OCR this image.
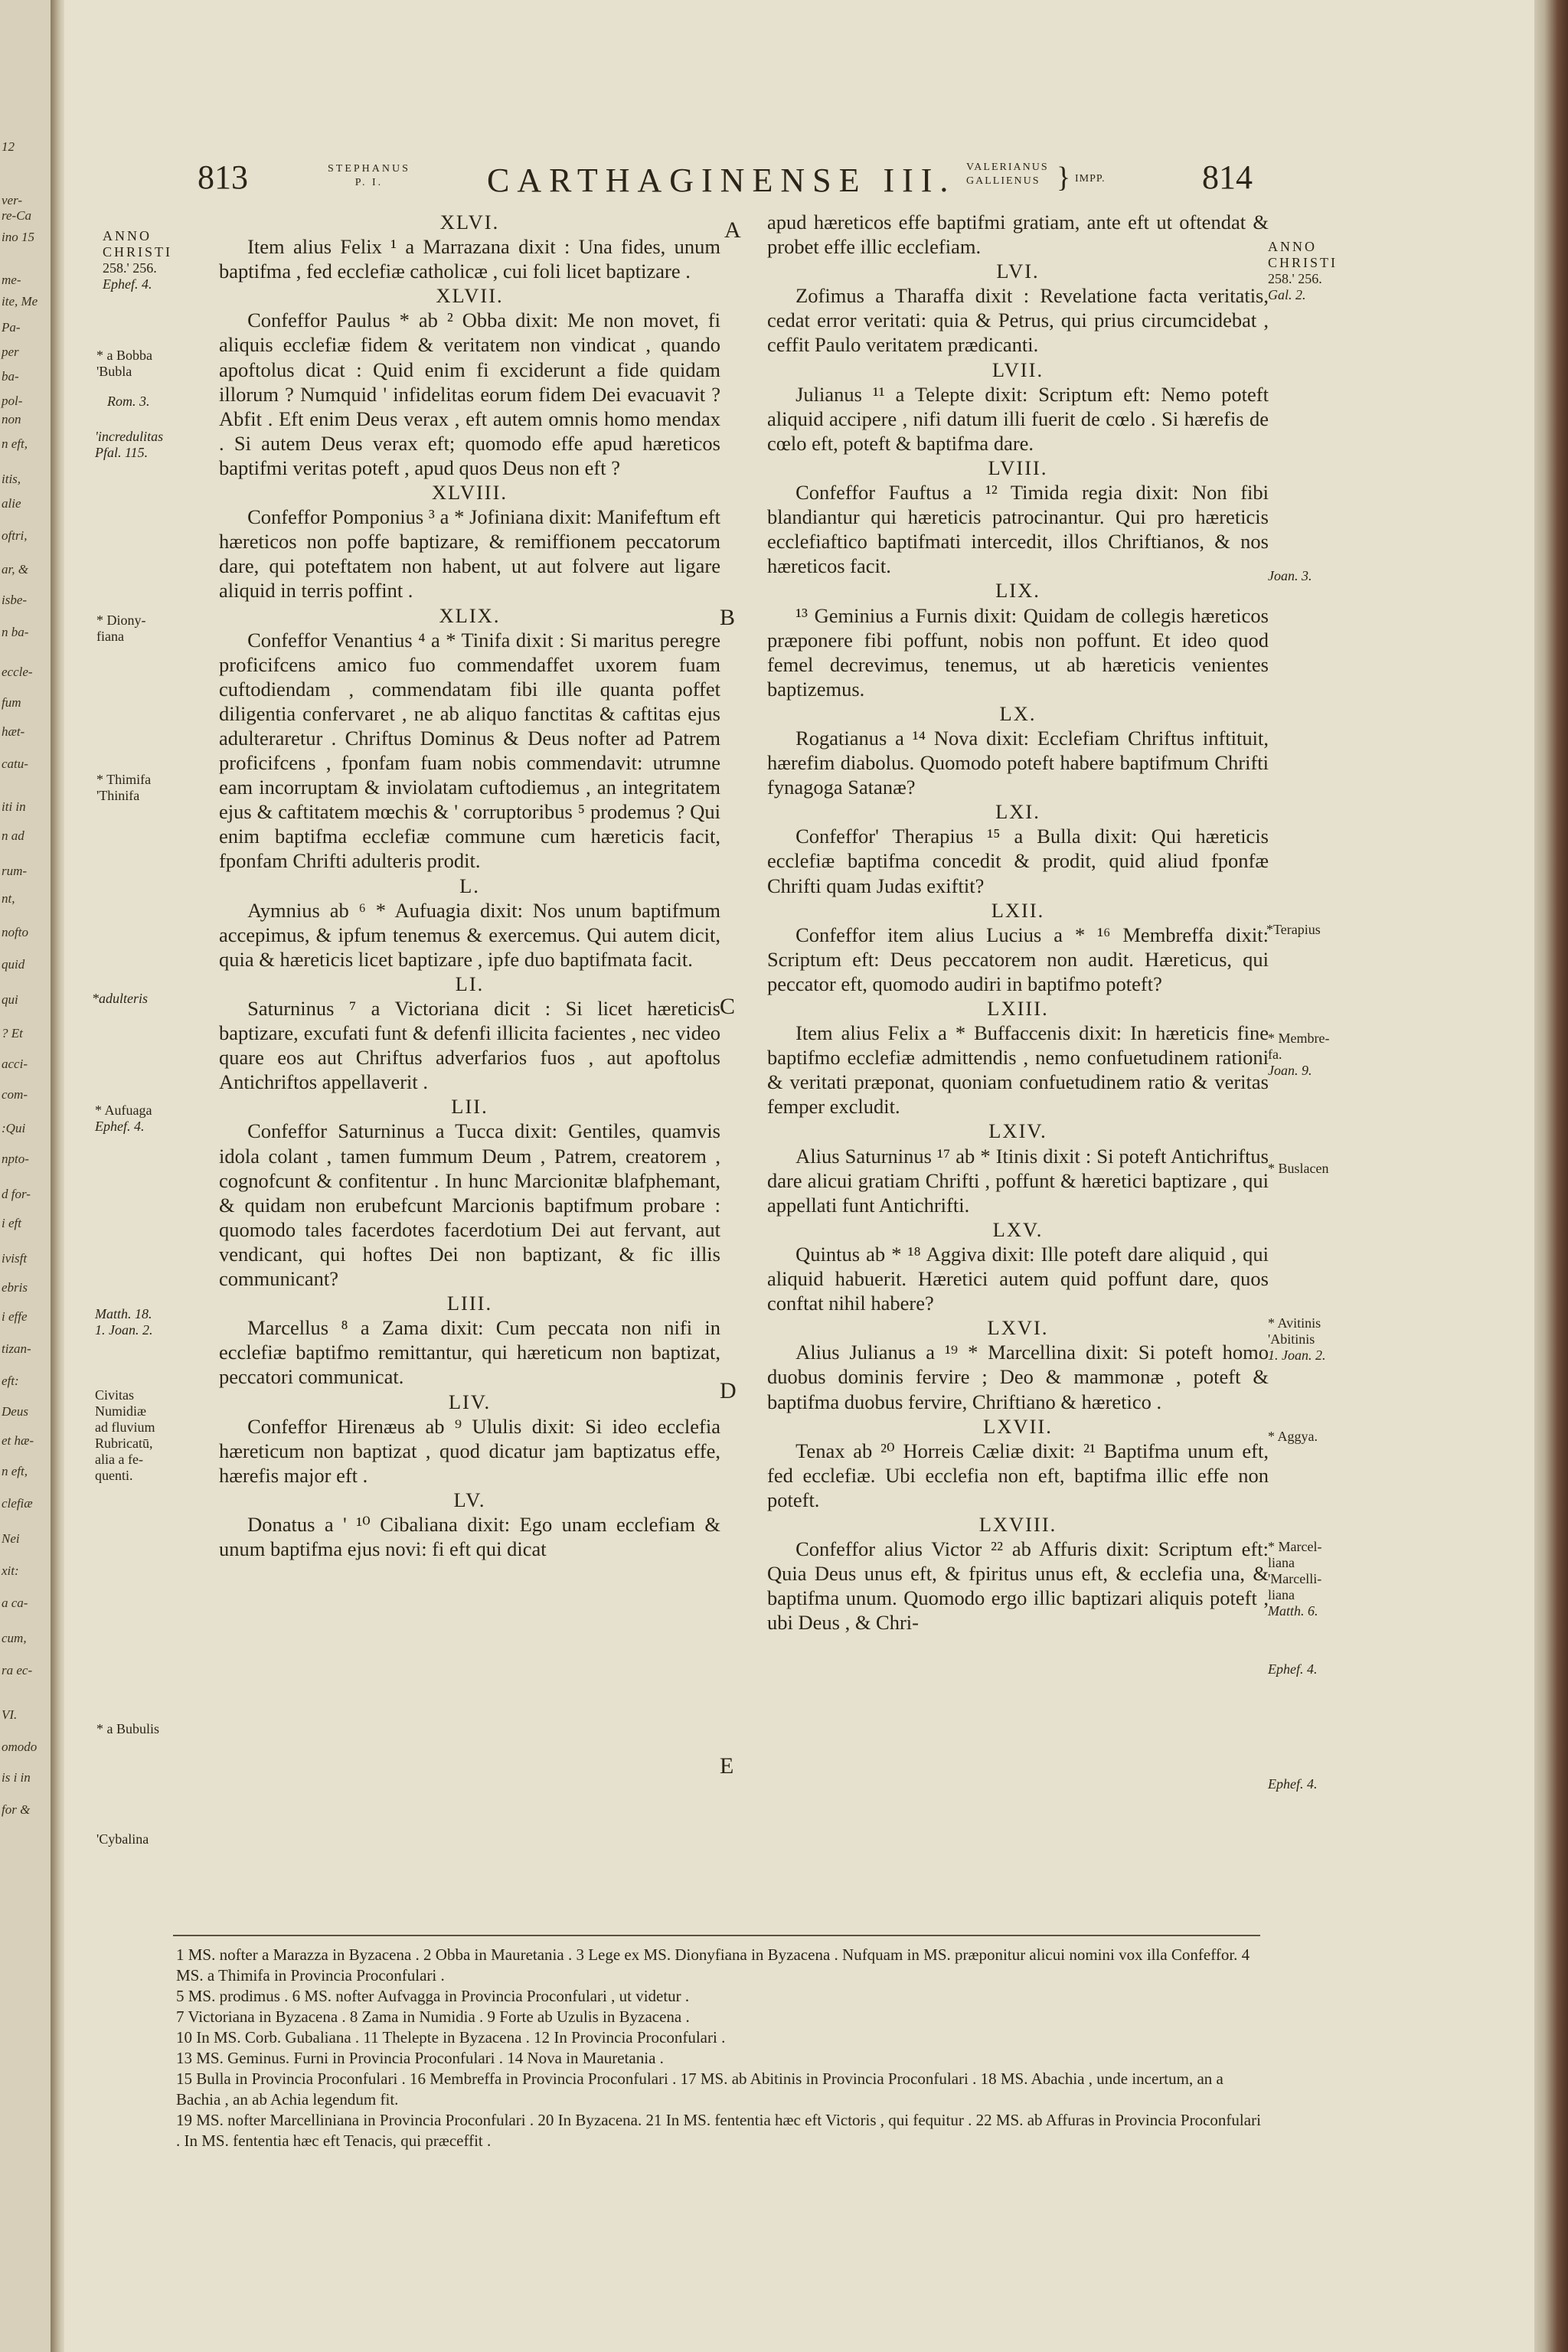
12
ver-
re-Ca
ino 15
me-
ite, Me
Pa-
per
ba-
pol-
non
n eft,
itis,
alie
oftri,
ar, &
isbe-
n ba-
eccle-
fum
hæt-
catu-
iti in
n ad
rum-
nt,
nofto
quid
qui
? Et
acci-
com-
:Qui
npto-
d for-
i eft
ivisft
ebris
i effe
tizan-
eft:
Deus
et hæ-
n eft,
clefiæ
Nei
xit:
a ca-
cum,
ra ec-
VI.
omodo
is i in
for &
813	STEPHANUS
P. I.	CARTHAGINENSE III. VALERIANUS
GALLIENUS } IMPP.	814

XLVI.

Item alius Felix ¹ a Marrazana dixit : Una fides, unum baptifma , fed ecclefiæ catholicæ , cui foli licet baptizare .

XLVII.

Confeffor Paulus * ab ² Obba dixit: Me non movet, fi aliquis ecclefiæ fidem & veritatem non vindicat , quando apoftolus dicat : Quid enim fi exciderunt a fide quidam illorum ? Numquid ' infidelitas eorum fidem Dei evacuavit ? Abfit . Eft enim Deus verax , eft autem omnis homo mendax . Si autem Deus verax eft; quomodo effe apud hæreticos baptifmi veritas poteft , apud quos Deus non eft ?

XLVIII.

Confeffor Pomponius ³ a * Jofiniana dixit: Manifeftum eft hæreticos non poffe baptizare, & remiffionem peccatorum dare, qui poteftatem non habent, ut aut folvere aut ligare aliquid in terris poffint .

XLIX.

Confeffor Venantius ⁴ a * Tinifa dixit : Si maritus peregre proficifcens amico fuo commendaffet uxorem fuam cuftodiendam , commendatam fibi ille quanta poffet diligentia confervaret , ne ab aliquo fanctitas & caftitas ejus adulteraretur . Chriftus Dominus & Deus nofter ad Patrem proficifcens , fponfam fuam nobis commendavit: utrumne eam incorruptam & inviolatam cuftodiemus , an integritatem ejus & caftitatem mœchis & ' corruptoribus ⁵ prodemus ? Qui enim baptifma ecclefiæ commune cum hæreticis facit, fponfam Chrifti adulteris prodit.

L.

Aymnius ab ⁶ * Aufuagia dixit: Nos unum baptifmum accepimus, & ipfum tenemus & exercemus. Qui autem dicit, quia & hæreticis licet baptizare , ipfe duo baptifmata facit.

LI.

Saturninus ⁷ a Victoriana dicit : Si licet hæreticis baptizare, excufati funt & defenfi illicita facientes , nec video quare eos aut Chriftus adverfarios fuos , aut apoftolus Antichriftos appellaverit .

LII.

Confeffor Saturninus a Tucca dixit: Gentiles, quamvis idola colant , tamen fummum Deum , Patrem, creatorem , cognofcunt & confitentur . In hunc Marcionitæ blafphemant, & quidam non erubefcunt Marcionis baptifmum probare : quomodo tales facerdotes facerdotium Dei aut fervant, aut vendicant, qui hoftes Dei non baptizant, & fic illis communicant?

LIII.

Marcellus ⁸ a Zama dixit: Cum peccata non nifi in ecclefiæ baptifmo remittantur, qui hæreticum non baptizat, peccatori communicat.

LIV.

Confeffor Hirenæus ab ⁹ Ululis dixit: Si ideo ecclefia hæreticum non baptizat , quod dicatur jam baptizatus effe, hærefis major eft .

LV.

Donatus a ' ¹⁰ Cibaliana dixit: Ego unam ecclefiam & unum baptifma ejus novi: fi eft qui dicat

apud hæreticos effe baptifmi gratiam, ante eft ut oftendat & probet effe illic ecclefiam.

LVI.

Zofimus a Tharaffa dixit : Revelatione facta veritatis, cedat error veritati: quia & Petrus, qui prius circumcidebat , ceffit Paulo veritatem prædicanti.

LVII.

Julianus ¹¹ a Telepte dixit: Scriptum eft: Nemo poteft aliquid accipere , nifi datum illi fuerit de cœlo . Si hærefis de cœlo eft, poteft & baptifma dare.

LVIII.

Confeffor Fauftus a ¹² Timida regia dixit: Non fibi blandiantur qui hæreticis patrocinantur. Qui pro hæreticis ecclefiaftico baptifmati intercedit, illos Chriftianos, & nos hæreticos facit.

LIX.

¹³ Geminius a Furnis dixit: Quidam de collegis hæreticos præponere fibi poffunt, nobis non poffunt. Et ideo quod femel decrevimus, tenemus, ut ab hæreticis venientes baptizemus.

LX.

Rogatianus a ¹⁴ Nova dixit: Ecclefiam Chriftus inftituit, hærefim diabolus. Quomodo poteft habere baptifmum Chrifti fynagoga Satanæ?

LXI.

Confeffor' Therapius ¹⁵ a Bulla dixit: Qui hæreticis ecclefiæ baptifma concedit & prodit, quid aliud fponfæ Chrifti quam Judas exiftit?

LXII.

Confeffor item alius Lucius a * ¹⁶ Membreffa dixit: Scriptum eft: Deus peccatorem non audit. Hæreticus, qui peccator eft, quomodo audiri in baptifmo poteft?

LXIII.

Item alius Felix a * Buffaccenis dixit: In hæreticis fine baptifmo ecclefiæ admittendis , nemo confuetudinem rationi & veritati præponat, quoniam confuetudinem ratio & veritas femper excludit.

LXIV.

Alius Saturninus ¹⁷ ab * Itinis dixit : Si poteft Antichriftus dare alicui gratiam Chrifti , poffunt & hæretici baptizare , qui appellati funt Antichrifti.

LXV.

Quintus ab * ¹⁸ Aggiva dixit: Ille poteft dare aliquid , qui aliquid habuerit. Hæretici autem quid poffunt dare, quos conftat nihil habere?

LXVI.

Alius Julianus a ¹⁹ * Marcellina dixit: Si poteft homo duobus dominis fervire ; Deo & mammonæ , poteft & baptifma duobus fervire, Chriftiano & hæretico .

LXVII.

Tenax ab ²⁰ Horreis Cæliæ dixit: ²¹ Baptifma unum eft, fed ecclefiæ. Ubi ecclefia non eft, baptifma illic effe non poteft.

LXVIII.

Confeffor alius Victor ²² ab Affuris dixit: Scriptum eft: Quia Deus unus eft, & fpiritus unus eft, & ecclefia una, & baptifma unum. Quomodo ergo illic baptizari aliquis poteft , ubi Deus , & Chri-

A
B
C
D
E
ANNO
CHRISTI
258.' 256.
Ephef. 4.
* a Bobba
'Bubla
Rom. 3.
'incredulitas
Pfal. 115.
* Diony-
fiana
* Thimifa
'Thinifa
*adulteris
* Aufuaga
Ephef. 4.
Matth. 18.
1. Joan. 2.
Civitas
Numidiæ
ad fluvium
Rubricatū,
alia a fe-
quenti.
* a Bubulis
'Cybalina
ANNO
CHRISTI
258.' 256.
Gal. 2.
Joan. 3.
*Terapius
* Membre-
fa.
Joan. 9.
* Buslacen
* Avitinis
'Abitinis
1. Joan. 2.
* Aggya.
* Marcel-
liana
'Marcelli-
liana
Matth. 6.
Ephef. 4.
Ephef. 4.

1 MS. nofter a Marazza in Byzacena . 2 Obba in Mauretania . 3 Lege ex MS. Dionyfiana in Byzacena . Nufquam in MS. præponitur alicui nomini vox illa Confeffor. 4 MS. a Thimifa in Provincia Proconfulari .

5 MS. prodimus . 6 MS. nofter Aufvagga in Provincia Proconfulari , ut videtur .

7 Victoriana in Byzacena . 8 Zama in Numidia . 9 Forte ab Uzulis in Byzacena .

10 In MS. Corb. Gubaliana . 11 Thelepte in Byzacena . 12 In Provincia Proconfulari .

13 MS. Geminus. Furni in Provincia Proconfulari . 14 Nova in Mauretania .

15 Bulla in Provincia Proconfulari . 16 Membreffa in Provincia Proconfulari . 17 MS. ab Abitinis in Provincia Proconfulari . 18 MS. Abachia , unde incertum, an a Bachia , an ab Achia legendum fit.

19 MS. nofter Marcelliniana in Provincia Proconfulari . 20 In Byzacena. 21 In MS. fententia hæc eft Victoris , qui fequitur . 22 MS. ab Affuras in Provincia Proconfulari . In MS. fententia hæc eft Tenacis, qui præceffit .
